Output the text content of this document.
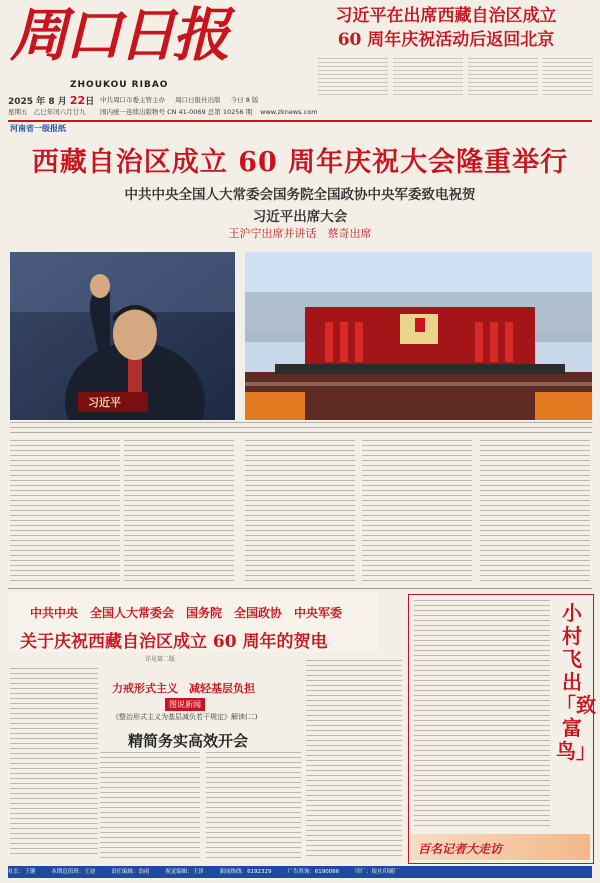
周口日报
ZHOUKOU RIBAO
习近平在出席西藏自治区成立
60 周年庆祝活动后返回北京
2025 年 8 月 22日
星期五 乙巳年闰六月廿九
中共周口市委主管主办 周口日报社出版 今日 8 版
国内统一连续出版物号 CN 41-0069 总第 10256 期 www.zknews.com
河南省一级报纸
西藏自治区成立 60 周年庆祝大会隆重举行
中共中央全国人大常委会国务院全国政协中央军委致电祝贺
习近平出席大会
王沪宁出席并讲话　蔡奇出席
习近平
中共中央　全国人大常委会　国务院　全国政协　中央军委
关于庆祝西藏自治区成立 60 周年的贺电
详见第二版
力戒形式主义　减轻基层负担
图说新闻
《整治形式主义为基层减负若干规定》解读(二)
精简务实高效开会
小村飞出「致富鸟」
百名记者大走访
社长：王键	本期总值班：王迪	责任编辑：翁雨	视觉编辑：王泽	新闻热线：6192329	广告咨询：6190066	印厂：报社印刷厂
